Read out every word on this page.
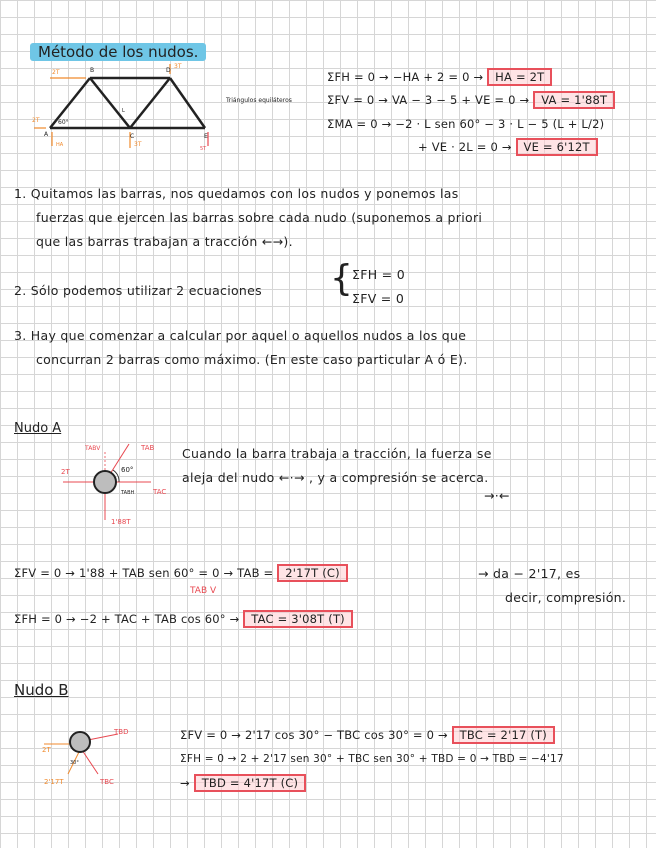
Método de los nudos.
2T
3T
3T
2T
HA
5T
A
B
C
D
E
60°
L
Triángulos equiláteros
ΣFH = 0 → −HA + 2 = 0 → HA = 2T
ΣFV = 0 → VA − 3 − 5 + VE = 0 → VA = 1'88T
ΣMA = 0 → −2 · L sen 60° − 3 · L − 5 (L + L/2)
+ VE · 2L = 0 → VE = 6'12T
1. Quitamos las barras, nos quedamos con los nudos y ponemos las
fuerzas que ejercen las barras sobre cada nudo (suponemos a priori
que las barras trabajan a tracción ←→).
2. Sólo podemos utilizar 2 ecuaciones { ΣFH = 0
ΣFV = 0
3. Hay que comenzar a calcular por aquel o aquellos nudos a los que
concurran 2 barras como máximo. (En este caso particular A ó E).
Nudo A
TAB
TABV
2T	60°
TABH	TAC
1'88T
Cuando la barra trabaja a tracción, la fuerza se
aleja del nudo ←·→ , y a compresión se acerca.
→·←
ΣFV = 0 → 1'88 + TAB sen 60° = 0 → TAB = 2'17T (C)
TAB V
→ da − 2'17, es
decir, compresión.
ΣFH = 0 → −2 + TAC + TAB cos 60° → TAC = 3'08T (T)
Nudo B
TBD
2T
30°
2'17T	TBC
ΣFV = 0 → 2'17 cos 30° − TBC cos 30° = 0 → TBC = 2'17 (T)
ΣFH = 0 → 2 + 2'17 sen 30° + TBC sen 30° + TBD = 0 → TBD = −4'17
→ TBD = 4'17T (C)
